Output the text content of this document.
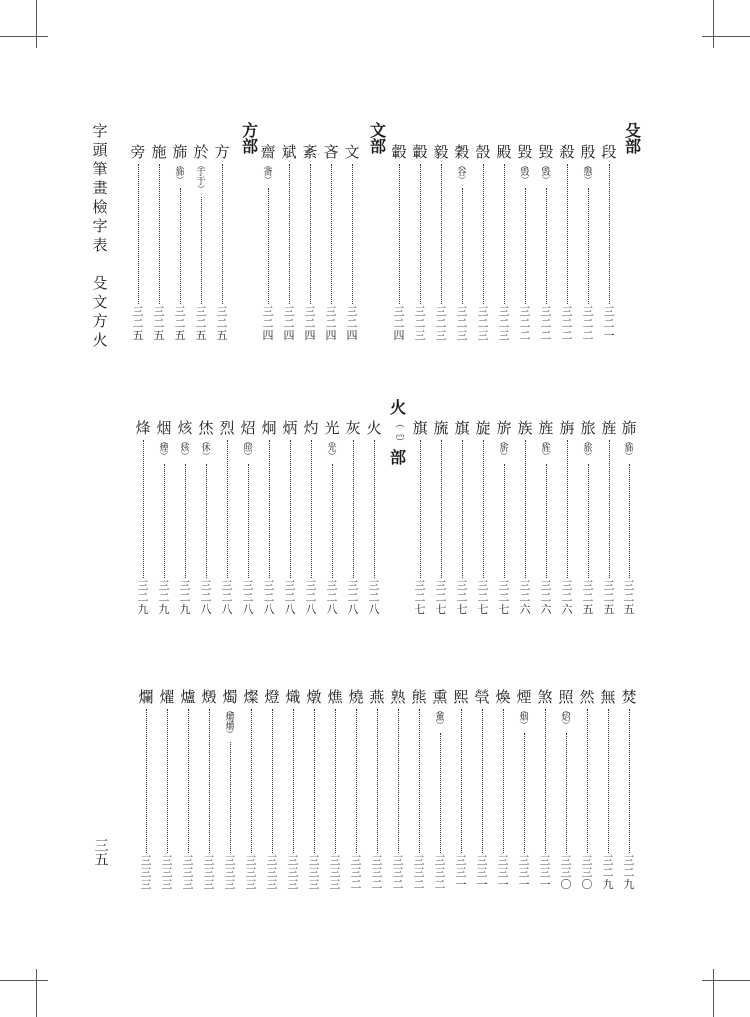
字
頭
筆
畫
檢
字
表
殳
文
方
火
三五
殳部
文部
方部
火
（灬）
部
段
三
二
一
殷
︵
慇
︶
三
二
二
殺
三
二
二
毀
︵
毀
︶
三
二
二
毀
︵
毀
︶
三
二
二
殿
三
二
三
嗀
三
二
三
穀
︵
谷
︶
三
二
三
毅
三
二
三
轂
三
二
三
轂
三
二
四
文
三
二
四
吝
三
二
四
紊
三
二
四
斌
三
二
四
齋
︵
斋
︶
三
二
四
方
三
二
五
於
︵
于
于
︶
三
二
五
旆
︵
旆
︶
三
二
五
施
三
二
五
旁
三
二
五
旆
︵
旆
︶
三
二
五
旌
三
二
五
旅
︵
旅
︶
三
二
五
旃
三
二
六
旌
︵
旌
︶
三
二
六
族
三
二
六
旂
︵
旂
︶
三
二
七
旋
三
二
七
旗
三
二
七
旒
三
二
七
旗
三
二
七
火
三
二
八
灰
三
二
八
光
︵
光
︶
三
二
八
灼
三
二
八
炳
三
二
八
炯
三
二
八
炤
︵
照
︶
三
二
八
烈
三
二
八
烋
︵
休
︶
三
二
八
烗
︵
烗
︶
三
二
九
烟
︵
煙
︶
三
二
九
烽
三
二
九
焚
三
二
九
無
三
二
九
然
三
三
〇
照
︵
炤
︶
三
三
〇
煞
三
三
一
煙
︵
烟
︶
三
三
一
煥
三
三
一
煢
三
三
一
熙
三
三
一
熏
︵
薰
︶
三
三
二
熊
三
三
二
熟
三
三
二
燕
三
三
二
燒
三
三
二
燋
三
三
三
燉
三
三
三
熾
三
三
三
燈
三
三
三
燦
三
三
三
燭
︵
爝
爝
︶
三
三
三
燬
三
三
三
爐
三
三
三
燿
三
三
三
爛
三
三
三
